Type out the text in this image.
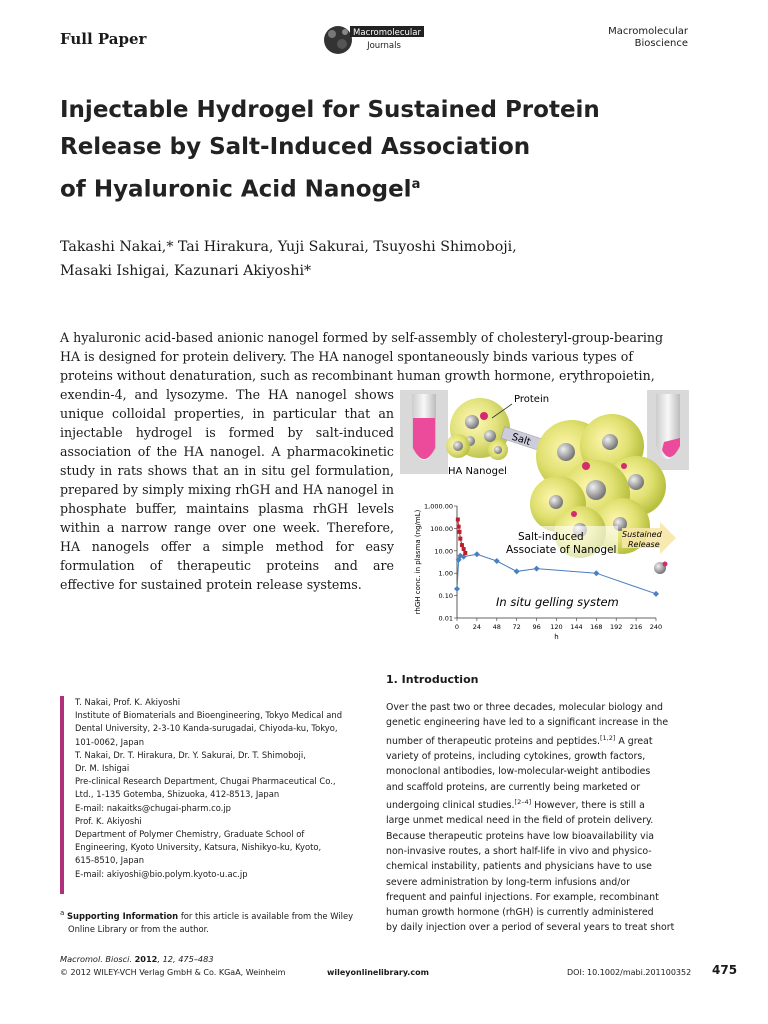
Full Paper	Macromolecular
Journals
Macromolecular
Bioscience
Injectable Hydrogel for Sustained Protein
Release by Salt-Induced Association
of Hyaluronic Acid Nanogel$^a$
Takashi Nakai,* Tai Hirakura, Yuji Sakurai, Tsuyoshi Shimoboji,
Masaki Ishigai, Kazunari Akiyoshi*
A hyaluronic acid-based anionic nanogel formed by self-assembly of cholesteryl-group-bearing
HA is designed for protein delivery. The HA nanogel spontaneously binds various types of
proteins without denaturation, such as recombinant human growth hormone, erythropoietin,
exendin-4, and lysozyme. The HA nanogel shows unique colloidal properties, in particular that an injectable hydrogel is formed by salt-induced association of the HA nanogel. A pharmacokinetic study in rats shows that an in situ gel formulation, prepared by simply mixing rhGH and HA nanogel in phosphate buffer, maintains plasma rhGH levels within a narrow range over one week. Therefore, HA nanogels offer a simple method for easy formulation of therapeutic proteins and are effective for sustained protein release systems.
Protein
Salt
HA Nanogel
Salt-induced
Associate of Nanogel
Sustained
Release
1,000.00
100.00
10.00
1.00
0.10
0.01
0 24 48 72 96 120 144 168 192 216 240
h
rhGH conc. in plasma (ng/mL)	In situ gelling system
T. Nakai, Prof. K. Akiyoshi
Institute of Biomaterials and Bioengineering, Tokyo Medical and
Dental University, 2-3-10 Kanda-surugadai, Chiyoda-ku, Tokyo,
101-0062, Japan
T. Nakai, Dr. T. Hirakura, Dr. Y. Sakurai, Dr. T. Shimoboji,
Dr. M. Ishigai
Pre-clinical Research Department, Chugai Pharmaceutical Co.,
Ltd., 1-135 Gotemba, Shizuoka, 412-8513, Japan
E-mail: nakaitks@chugai-pharm.co.jp
Prof. K. Akiyoshi
Department of Polymer Chemistry, Graduate School of
Engineering, Kyoto University, Katsura, Nishikyo-ku, Kyoto,
615-8510, Japan
E-mail: akiyoshi@bio.polym.kyoto-u.ac.jp
$^a$ Supporting Information for this article is available from the Wiley
Online Library or from the author.
1. Introduction
Over the past two or three decades, molecular biology and
genetic engineering have led to a significant increase in the
number of therapeutic proteins and peptides.[1,2] A great
variety of proteins, including cytokines, growth factors,
monoclonal antibodies, low-molecular-weight antibodies
and scaffold proteins, are currently being marketed or
undergoing clinical studies.[2–4] However, there is still a
large unmet medical need in the field of protein delivery.
Because therapeutic proteins have low bioavailability via
non-invasive routes, a short half-life in vivo and physico-
chemical instability, patients and physicians have to use
severe administration by long-term infusions and/or
frequent and painful injections. For example, recombinant
human growth hormone (rhGH) is currently administered
by daily injection over a period of several years to treat short
Macromol. Biosci. 2012, 12, 475–483
© 2012 WILEY-VCH Verlag GmbH & Co. KGaA, Weinheim	wileyonlinelibrary.com	DOI: 10.1002/mabi.201100352 475
